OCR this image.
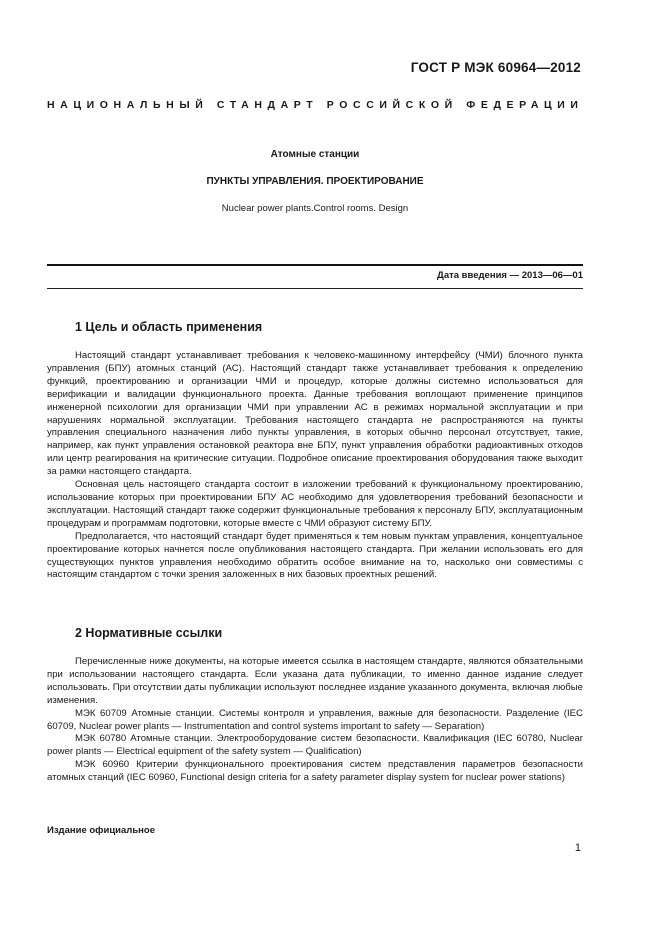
ГОСТ Р МЭК 60964—2012
НАЦИОНАЛЬНЫЙ СТАНДАРТ РОССИЙСКОЙ ФЕДЕРАЦИИ
Атомные станции
ПУНКТЫ УПРАВЛЕНИЯ. ПРОЕКТИРОВАНИЕ
Nuclear power plants.Control rooms. Design
Дата введения — 2013—06—01
1 Цель и область применения

Настоящий стандарт устанавливает требования к человеко-машинному интерфейсу (ЧМИ) блочного пункта управления (БПУ) атомных станций (АС). Настоящий стандарт также устанавливает требования к определению функций, проектированию и организации ЧМИ и процедур, которые должны системно использоваться для верификации и валидации функционального проекта. Данные требования воплощают применение принципов инженерной психологии для организации ЧМИ при управлении АС в режимах нормальной эксплуатации и при нарушениях нормальной эксплуатации. Требования настоящего стандарта не распространяются на пункты управления специального назначения либо пункты управления, в которых обычно персонал отсутствует, такие, например, как пункт управления остановкой реактора вне БПУ, пункт управления обработки радиоактивных отходов или центр реагирования на критические ситуации. Подробное описание проектирования оборудования также выходит за рамки настоящего стандарта.

Основная цель настоящего стандарта состоит в изложении требований к функциональному проектированию, использование которых при проектировании БПУ АС необходимо для удовлетворения требований безопасности и эксплуатации. Настоящий стандарт также содержит функциональные требования к персоналу БПУ, эксплуатационным процедурам и программам подготовки, которые вместе с ЧМИ образуют систему БПУ.

Предполагается, что настоящий стандарт будет применяться к тем новым пунктам управления, концептуальное проектирование которых начнется после опубликования настоящего стандарта. При желании использовать его для существующих пунктов управления необходимо обратить особое внимание на то, насколько они совместимы с настоящим стандартом с точки зрения заложенных в них базовых проектных решений.

2 Нормативные ссылки

Перечисленные ниже документы, на которые имеется ссылка в настоящем стандарте, являются обязательными при использовании настоящего стандарта. Если указана дата публикации, то именно данное издание следует использовать. При отсутствии даты публикации используют последнее издание указанного документа, включая любые изменения.

МЭК 60709 Атомные станции. Системы контроля и управления, важные для безопасности. Разделение (IEC 60709, Nuclear power plants — Instrumentation and control systems important to safety — Separation)

МЭК 60780 Атомные станции. Электрооборудование систем безопасности. Квалификация (IEC 60780, Nuclear power plants — Electrical equipment of the safety system — Qualification)

МЭК 60960 Критерии функционального проектирования систем представления параметров безопасности атомных станций (IEC 60960, Functional design criteria for a safety parameter display system for nuclear power stations)

Издание официальное
1
